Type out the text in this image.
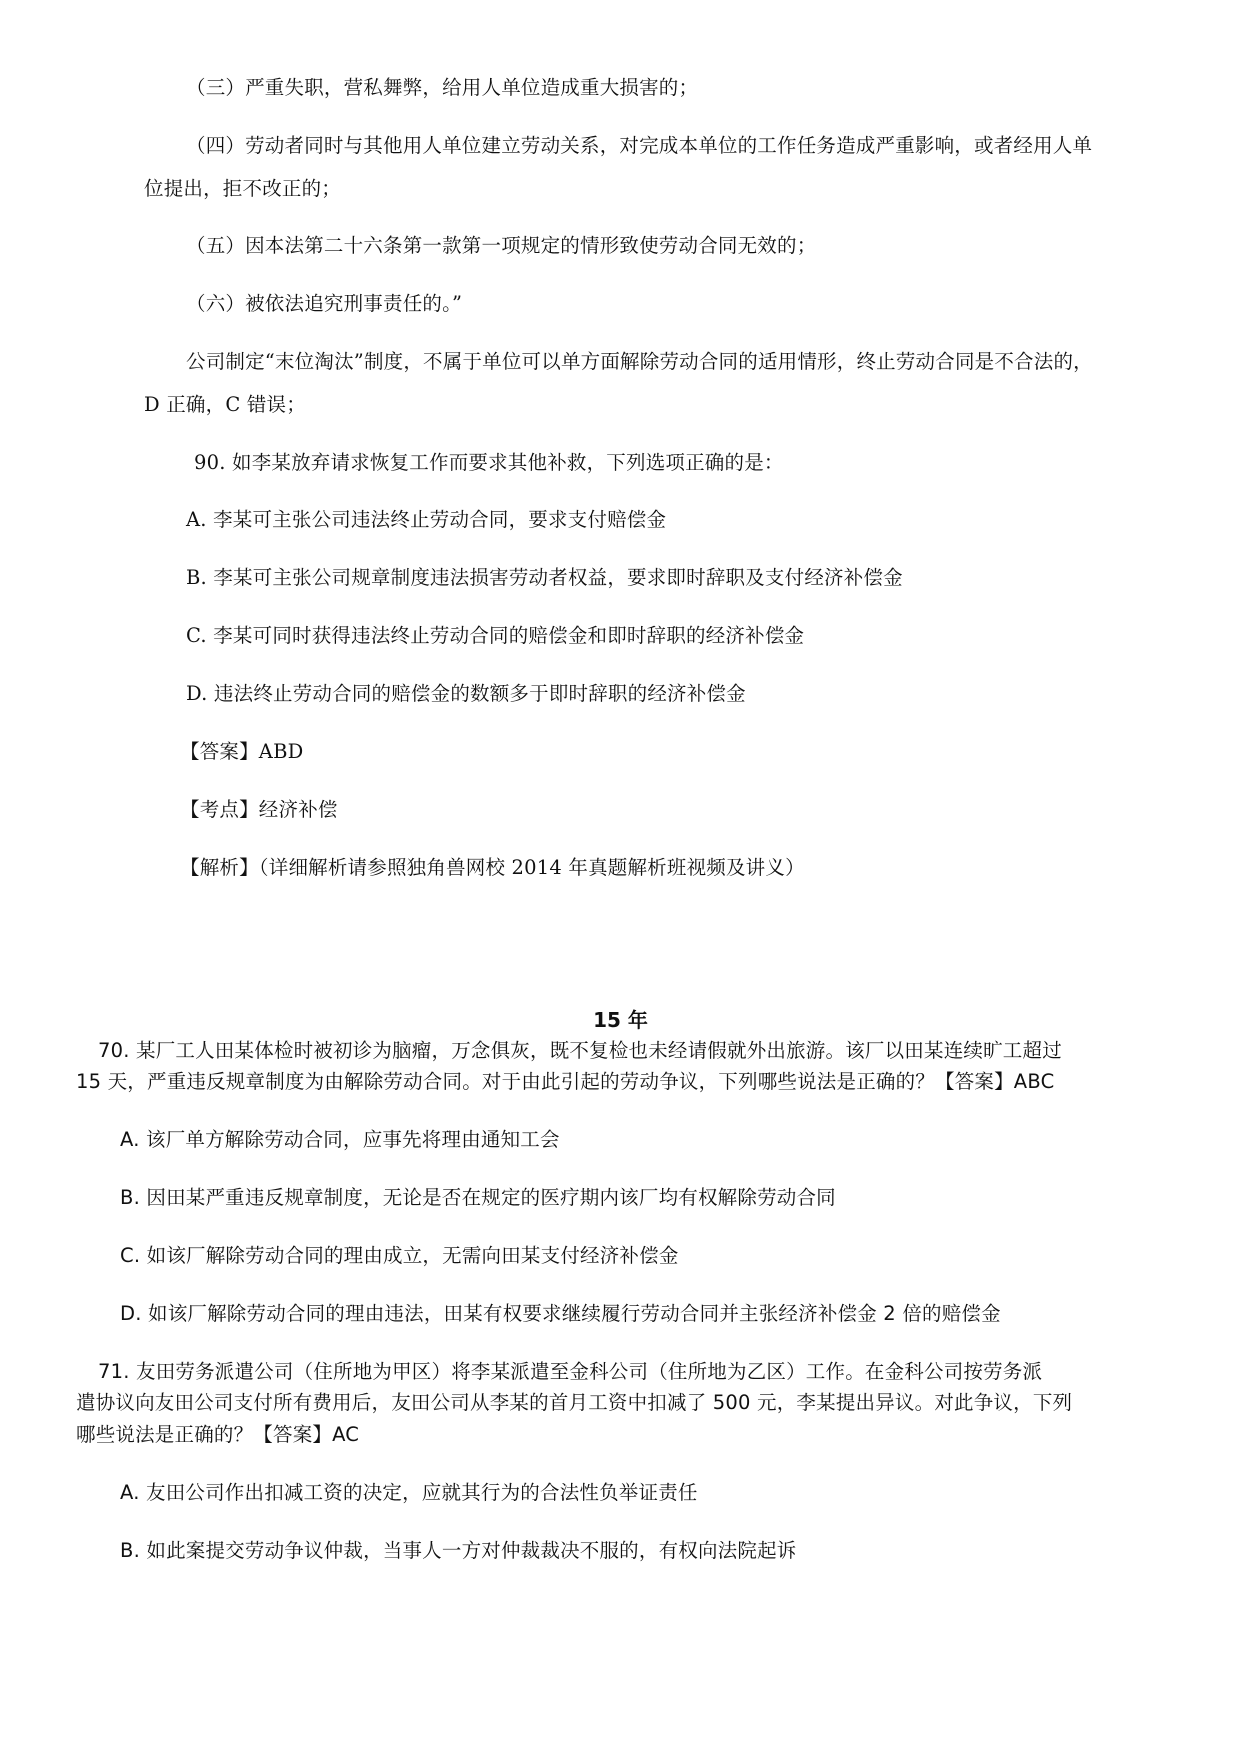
（三）严重失职，营私舞弊，给用人单位造成重大损害的；
（四）劳动者同时与其他用人单位建立劳动关系，对完成本单位的工作任务造成严重影响，或者经用人单
位提出，拒不改正的；
（五）因本法第二十六条第一款第一项规定的情形致使劳动合同无效的；
（六）被依法追究刑事责任的。”
公司制定“末位淘汰”制度，不属于单位可以单方面解除劳动合同的适用情形，终止劳动合同是不合法的，
D 正确，C 错误；
90. 如李某放弃请求恢复工作而要求其他补救，下列选项正确的是：
A. 李某可主张公司违法终止劳动合同，要求支付赔偿金
B. 李某可主张公司规章制度违法损害劳动者权益，要求即时辞职及支付经济补偿金
C. 李某可同时获得违法终止劳动合同的赔偿金和即时辞职的经济补偿金
D. 违法终止劳动合同的赔偿金的数额多于即时辞职的经济补偿金
【答案】ABD
【考点】经济补偿
【解析】（详细解析请参照独角兽网校 2014 年真题解析班视频及讲义）
15 年
70. 某厂工人田某体检时被初诊为脑瘤，万念俱灰，既不复检也未经请假就外出旅游。该厂以田某连续旷工超过
15 天，严重违反规章制度为由解除劳动合同。对于由此引起的劳动争议，下列哪些说法是正确的？【答案】ABC
A. 该厂单方解除劳动合同，应事先将理由通知工会
B. 因田某严重违反规章制度，无论是否在规定的医疗期内该厂均有权解除劳动合同
C. 如该厂解除劳动合同的理由成立，无需向田某支付经济补偿金
D. 如该厂解除劳动合同的理由违法，田某有权要求继续履行劳动合同并主张经济补偿金 2 倍的赔偿金
71. 友田劳务派遣公司（住所地为甲区）将李某派遣至金科公司（住所地为乙区）工作。在金科公司按劳务派
遣协议向友田公司支付所有费用后，友田公司从李某的首月工资中扣减了 500 元，李某提出异议。对此争议，下列
哪些说法是正确的？【答案】AC
A. 友田公司作出扣减工资的决定，应就其行为的合法性负举证责任
B. 如此案提交劳动争议仲裁，当事人一方对仲裁裁决不服的，有权向法院起诉
